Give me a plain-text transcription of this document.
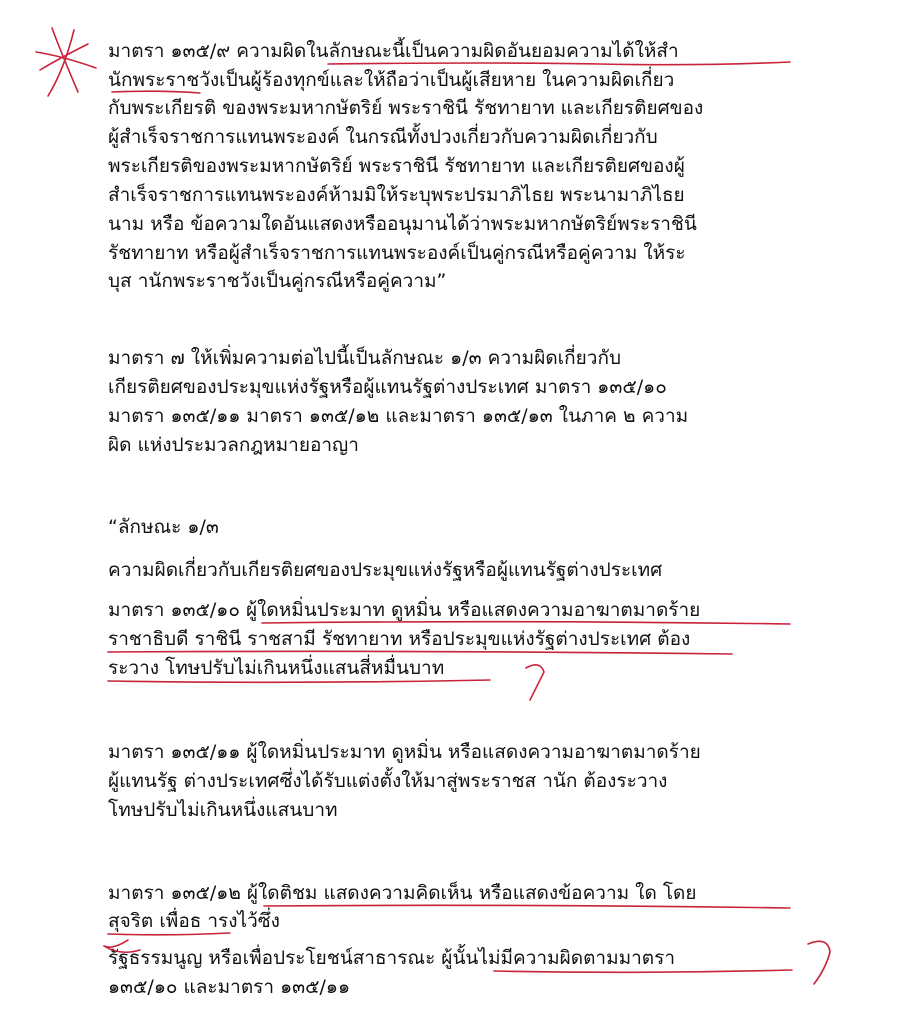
มาตรา ๑๓๕/๙ ความผิดในลักษณะนี้เป็นความผิดอันยอมความได้ให้สำ
นักพระราชวังเป็นผู้ร้องทุกข์และให้ถือว่าเป็นผู้เสียหาย ในความผิดเกี่ยว
กับพระเกียรติ ของพระมหากษัตริย์ พระราชินี รัชทายาท และเกียรติยศของ
ผู้สำเร็จราชการแทนพระองค์ ในกรณีทั้งปวงเกี่ยวกับความผิดเกี่ยวกับ
พระเกียรติของพระมหากษัตริย์ พระราชินี รัชทายาท และเกียรติยศของผู้
สำเร็จราชการแทนพระองค์ห้ามมิให้ระบุพระปรมาภิไธย พระนามาภิไธย
นาม หรือ ข้อความใดอันแสดงหรืออนุมานได้ว่าพระมหากษัตริย์พระราชินี
รัชทายาท หรือผู้สำเร็จราชการแทนพระองค์เป็นคู่กรณีหรือคู่ความ ให้ระ
บุส านักพระราชวังเป็นคู่กรณีหรือคู่ความ”
มาตรา ๗ ให้เพิ่มความต่อไปนี้เป็นลักษณะ ๑/๓ ความผิดเกี่ยวกับ
เกียรติยศของประมุขแห่งรัฐหรือผู้แทนรัฐต่างประเทศ มาตรา ๑๓๕/๑๐
มาตรา ๑๓๕/๑๑ มาตรา ๑๓๕/๑๒ และมาตรา ๑๓๕/๑๓ ในภาค ๒ ความ
ผิด แห่งประมวลกฎหมายอาญา
“ลักษณะ ๑/๓
ความผิดเกี่ยวกับเกียรติยศของประมุขแห่งรัฐหรือผู้แทนรัฐต่างประเทศ
มาตรา ๑๓๕/๑๐ ผู้ใดหมิ่นประมาท ดูหมิ่น หรือแสดงความอาฆาตมาดร้าย
ราชาธิบดี ราชินี ราชสามี รัชทายาท หรือประมุขแห่งรัฐต่างประเทศ ต้อง
ระวาง โทษปรับไม่เกินหนึ่งแสนสี่หมื่นบาท
มาตรา ๑๓๕/๑๑ ผู้ใดหมิ่นประมาท ดูหมิ่น หรือแสดงความอาฆาตมาดร้าย
ผู้แทนรัฐ ต่างประเทศซึ่งได้รับแต่งตั้งให้มาสู่พระราชส านัก ต้องระวาง
โทษปรับไม่เกินหนึ่งแสนบาท
มาตรา ๑๓๕/๑๒ ผู้ใดติชม แสดงความคิดเห็น หรือแสดงข้อความ ใด โดย
สุจริต เพื่อธ ารงไว้ซึ่ง
รัฐธรรมนูญ หรือเพื่อประโยชน์สาธารณะ ผู้นั้นไม่มีความผิดตามมาตรา
๑๓๕/๑๐ และมาตรา ๑๓๕/๑๑
